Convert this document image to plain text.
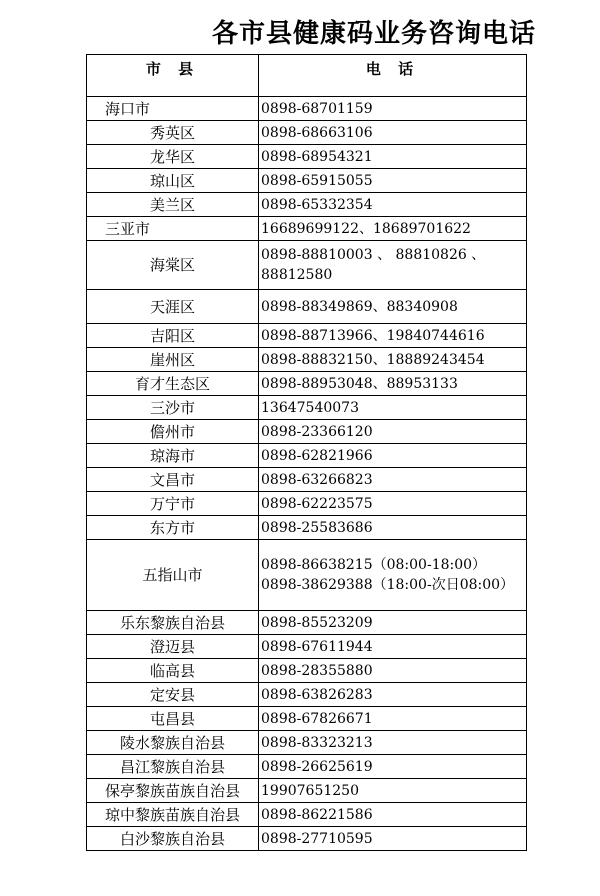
各市县健康码业务咨询电话
市 县	电 话
海口市	0898-68701159
秀英区	0898-68663106
龙华区	0898-68954321
琼山区	0898-65915055
美兰区	0898-65332354
三亚市	16689699122、18689701622
海棠区	0898-88810003 、 88810826 、 88812580
天涯区	0898-88349869、88340908
吉阳区	0898-88713966、19840744616
崖州区	0898-88832150、18889243454
育才生态区	0898-88953048、88953133
三沙市	13647540073
儋州市	0898-23366120
琼海市	0898-62821966
文昌市	0898-63266823
万宁市	0898-62223575
东方市	0898-25583686
五指山市	0898-86638215（08:00-18:00）
0898-38629388（18:00-次日08:00）
乐东黎族自治县	0898-85523209
澄迈县	0898-67611944
临高县	0898-28355880
定安县	0898-63826283
屯昌县	0898-67826671
陵水黎族自治县	0898-83323213
昌江黎族自治县	0898-26625619
保亭黎族苗族自治县	19907651250
琼中黎族苗族自治县	0898-86221586
白沙黎族自治县	0898-27710595
